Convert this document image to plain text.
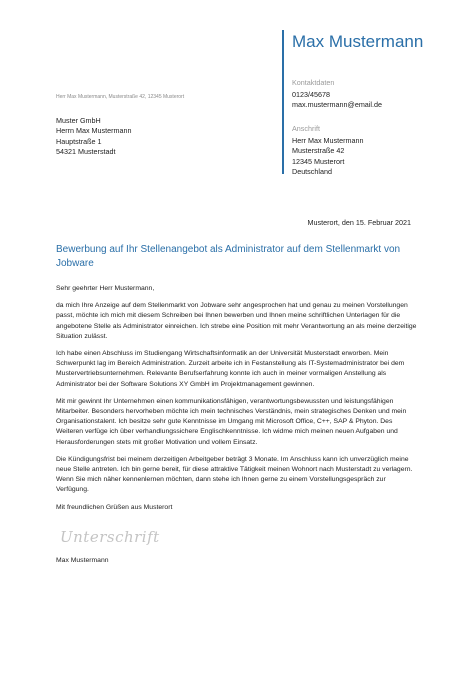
Max Mustermann
Kontaktdaten
0123/45678
max.mustermann@email.de
Anschrift
Herr Max Mustermann
Musterstraße 42
12345 Musterort
Deutschland
Herr Max Mustermann, Musterstraße 42, 12345 Musterort
Muster GmbH
Herrn Max Mustermann
Hauptstraße 1
54321 Musterstadt
Musterort, den 15. Februar 2021
Bewerbung auf Ihr Stellenangebot als Administrator auf dem Stellenmarkt von Jobware

Sehr geehrter Herr Mustermann,

da mich Ihre Anzeige auf dem Stellenmarkt von Jobware sehr angesprochen hat und genau zu meinen Vorstellungen passt, möchte ich mich mit diesem Schreiben bei Ihnen bewerben und Ihnen meine schriftlichen Unterlagen für die angebotene Stelle als Administrator einreichen. Ich strebe eine Position mit mehr Verantwortung an als meine derzeitige Situation zulässt.

Ich habe einen Abschluss im Studiengang Wirtschaftsinformatik an der Universität Musterstadt erworben. Mein Schwerpunkt lag im Bereich Administration. Zurzeit arbeite ich in Festanstellung als IT-Systemadministrator bei dem Mustervertriebsunternehmen. Relevante Berufserfahrung konnte ich auch in meiner vormaligen Anstellung als Administrator bei der Software Solutions XY GmbH im Projektmanagement gewinnen.

Mit mir gewinnt Ihr Unternehmen einen kommunikationsfähigen, verantwortungsbewussten und leistungsfähigen Mitarbeiter. Besonders hervorheben möchte ich mein technisches Verständnis, mein strategisches Denken und mein Organisationstalent. Ich besitze sehr gute Kenntnisse im Umgang mit Microsoft Office, C++, SAP & Phyton. Des Weiteren verfüge ich über verhandlungssichere Englischkenntnisse. Ich widme mich meinen neuen Aufgaben und Herausforderungen stets mit großer Motivation und vollem Einsatz.

Die Kündigungsfrist bei meinem derzeitigen Arbeitgeber beträgt 3 Monate. Im Anschluss kann ich unverzüglich meine neue Stelle antreten. Ich bin gerne bereit, für diese attraktive Tätigkeit meinen Wohnort nach Musterstadt zu verlagern. Wenn Sie mich näher kennenlernen möchten, dann stehe ich Ihnen gerne zu einem Vorstellungsgespräch zur Verfügung.

Mit freundlichen Grüßen aus Musterort

Unterschrift
Max Mustermann
